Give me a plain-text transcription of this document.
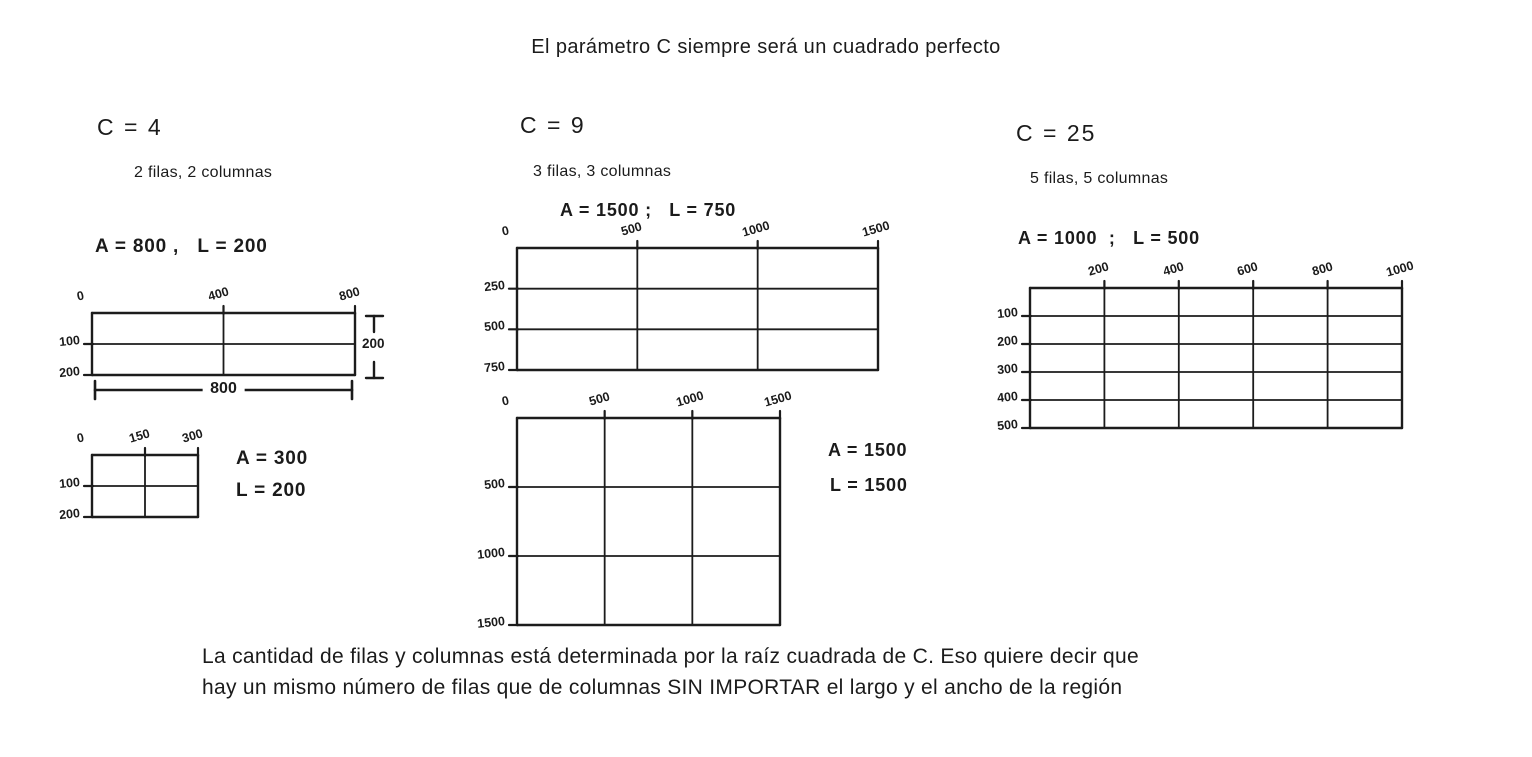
El parámetro C siempre será un cuadrado perfecto
C = 4
2 filas, 2 columnas
A = 800 ,   L = 200
0	400	800
100
200
200
800
0	150 300
100
200
A = 300
L = 200
C = 9
3 filas, 3 columnas
A = 1500 ;   L = 750
0	500	1000	1500
250
500
750
0	500	1000	1500
500
1000
1500
A = 1500
L = 1500
C = 25
5 filas, 5 columnas
A = 1000  ;   L = 500
200	400	600	800	1000
100
200
300
400
500
La cantidad de filas y columnas está determinada por la raíz cuadrada de C. Eso quiere decir que
hay un mismo número de filas que de columnas SIN IMPORTAR el largo y el ancho de la región
